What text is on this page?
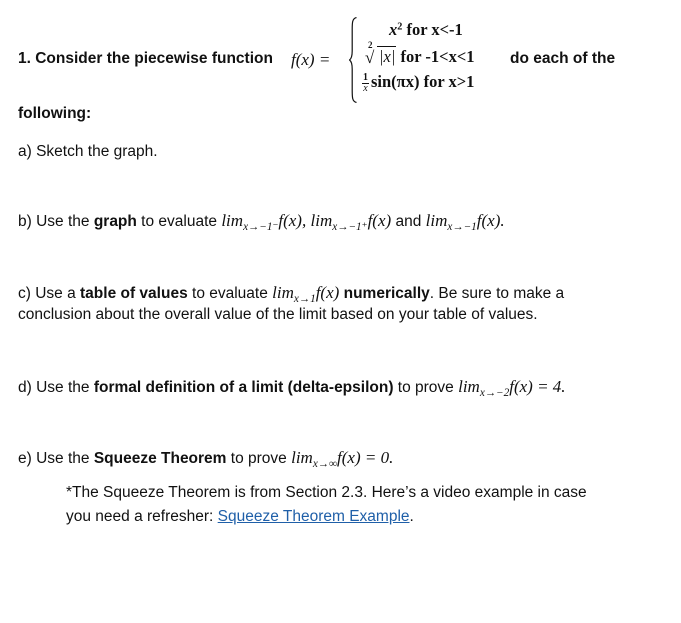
1. Consider the piecewise function f(x) =
$x^2$ for x<-1
2
√ |x| for -1<x<1
$\frac{1}{x} \sin(\pi x)$ for x>1
do each of the
following:
a) Sketch the graph.
b) Use the graph to evaluate $\lim_{x\to-1^-}f(x)$, $\lim_{x\to-1^+}f(x)$ and $\lim_{x\to-1}f(x)$.
c) Use a table of values to evaluate $\lim_{x\to 1}f(x)$ numerically. Be sure to make a
conclusion about the overall value of the limit based on your table of values.
d) Use the formal definition of a limit (delta-epsilon) to prove $\lim_{x\to-2}f(x) = 4$.
e) Use the Squeeze Theorem to prove $\lim_{x\to\infty}f(x) = 0$.
*The Squeeze Theorem is from Section 2.3. Here’s a video example in case
you need a refresher: Squeeze Theorem Example.
